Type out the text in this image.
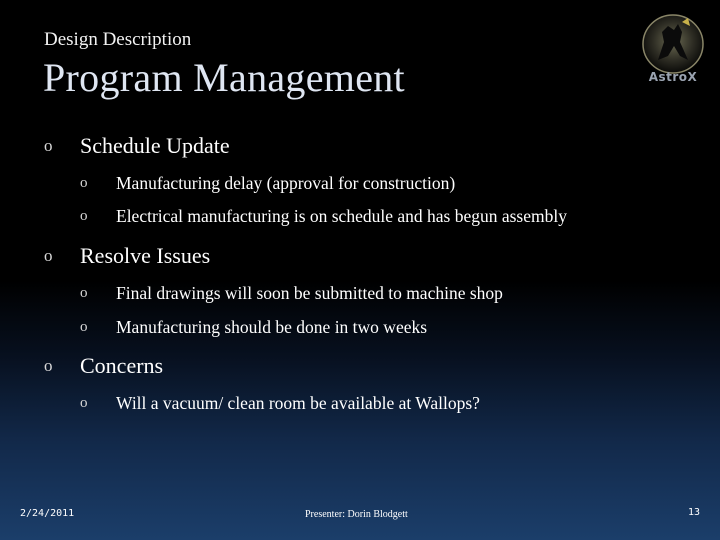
Design Description
Program Management	AstroX
o Schedule Update
o Manufacturing delay (approval for construction)
o Electrical manufacturing is on schedule and has begun assembly
o Resolve Issues
o Final drawings will soon be submitted to machine shop
o Manufacturing should be done in two weeks
o Concerns
o Will a vacuum/ clean room be available at Wallops?
2/24/2011	Presenter: Dorin Blodgett	13
